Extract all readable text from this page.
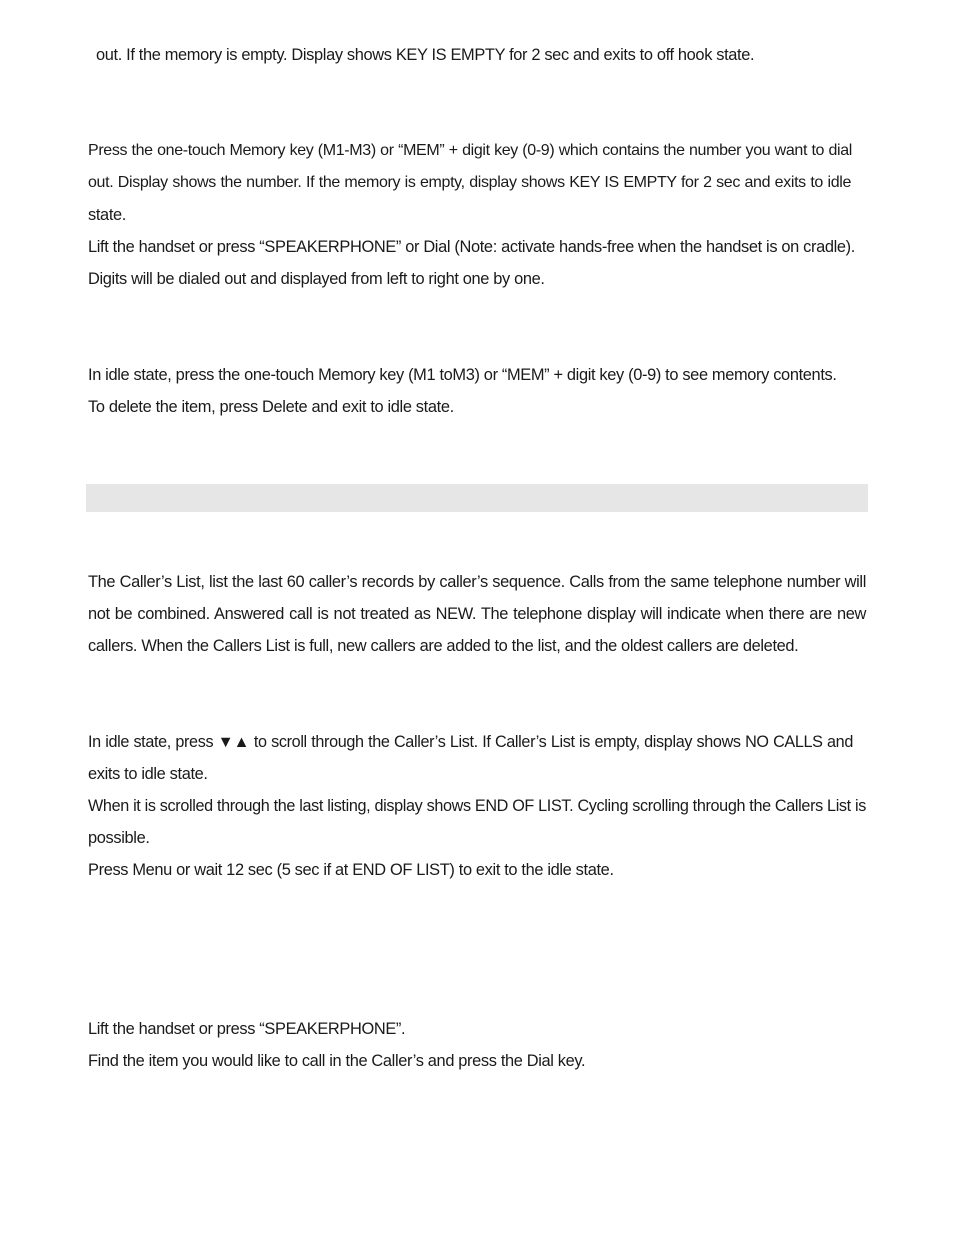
out. If the memory is empty. Display shows KEY IS EMPTY for 2 sec and exits to off hook state.
Press the one-touch Memory key (M1-M3) or “MEM” + digit key (0-9) which contains the number you want to dial
out. Display shows the number. If the memory is empty, display shows KEY IS EMPTY for 2 sec and exits to idle
state.
Lift the handset or press “SPEAKERPHONE” or Dial (Note: activate hands-free when the handset is on cradle).
Digits will be dialed out and displayed from left to right one by one.
In idle state, press the one-touch Memory key (M1 toM3) or “MEM” + digit key (0-9) to see memory contents.
To delete the item, press Delete and exit to idle state.
The Caller’s List, list the last 60 caller’s records by caller’s sequence. Calls from the same telephone number will
not be combined. Answered call is not treated as NEW. The telephone display will indicate when there are new
callers. When the Callers List is full, new callers are added to the list, and the oldest callers are deleted.
In idle state, press ▼▲ to scroll through the Caller’s List. If Caller’s List is empty, display shows NO CALLS and
exits to idle state.
When it is scrolled through the last listing, display shows END OF LIST. Cycling scrolling through the Callers List is
possible.
Press Menu or wait 12 sec (5 sec if at END OF LIST) to exit to the idle state.
Lift the handset or press “SPEAKERPHONE”.
Find the item you would like to call in the Caller’s and press the Dial key.
